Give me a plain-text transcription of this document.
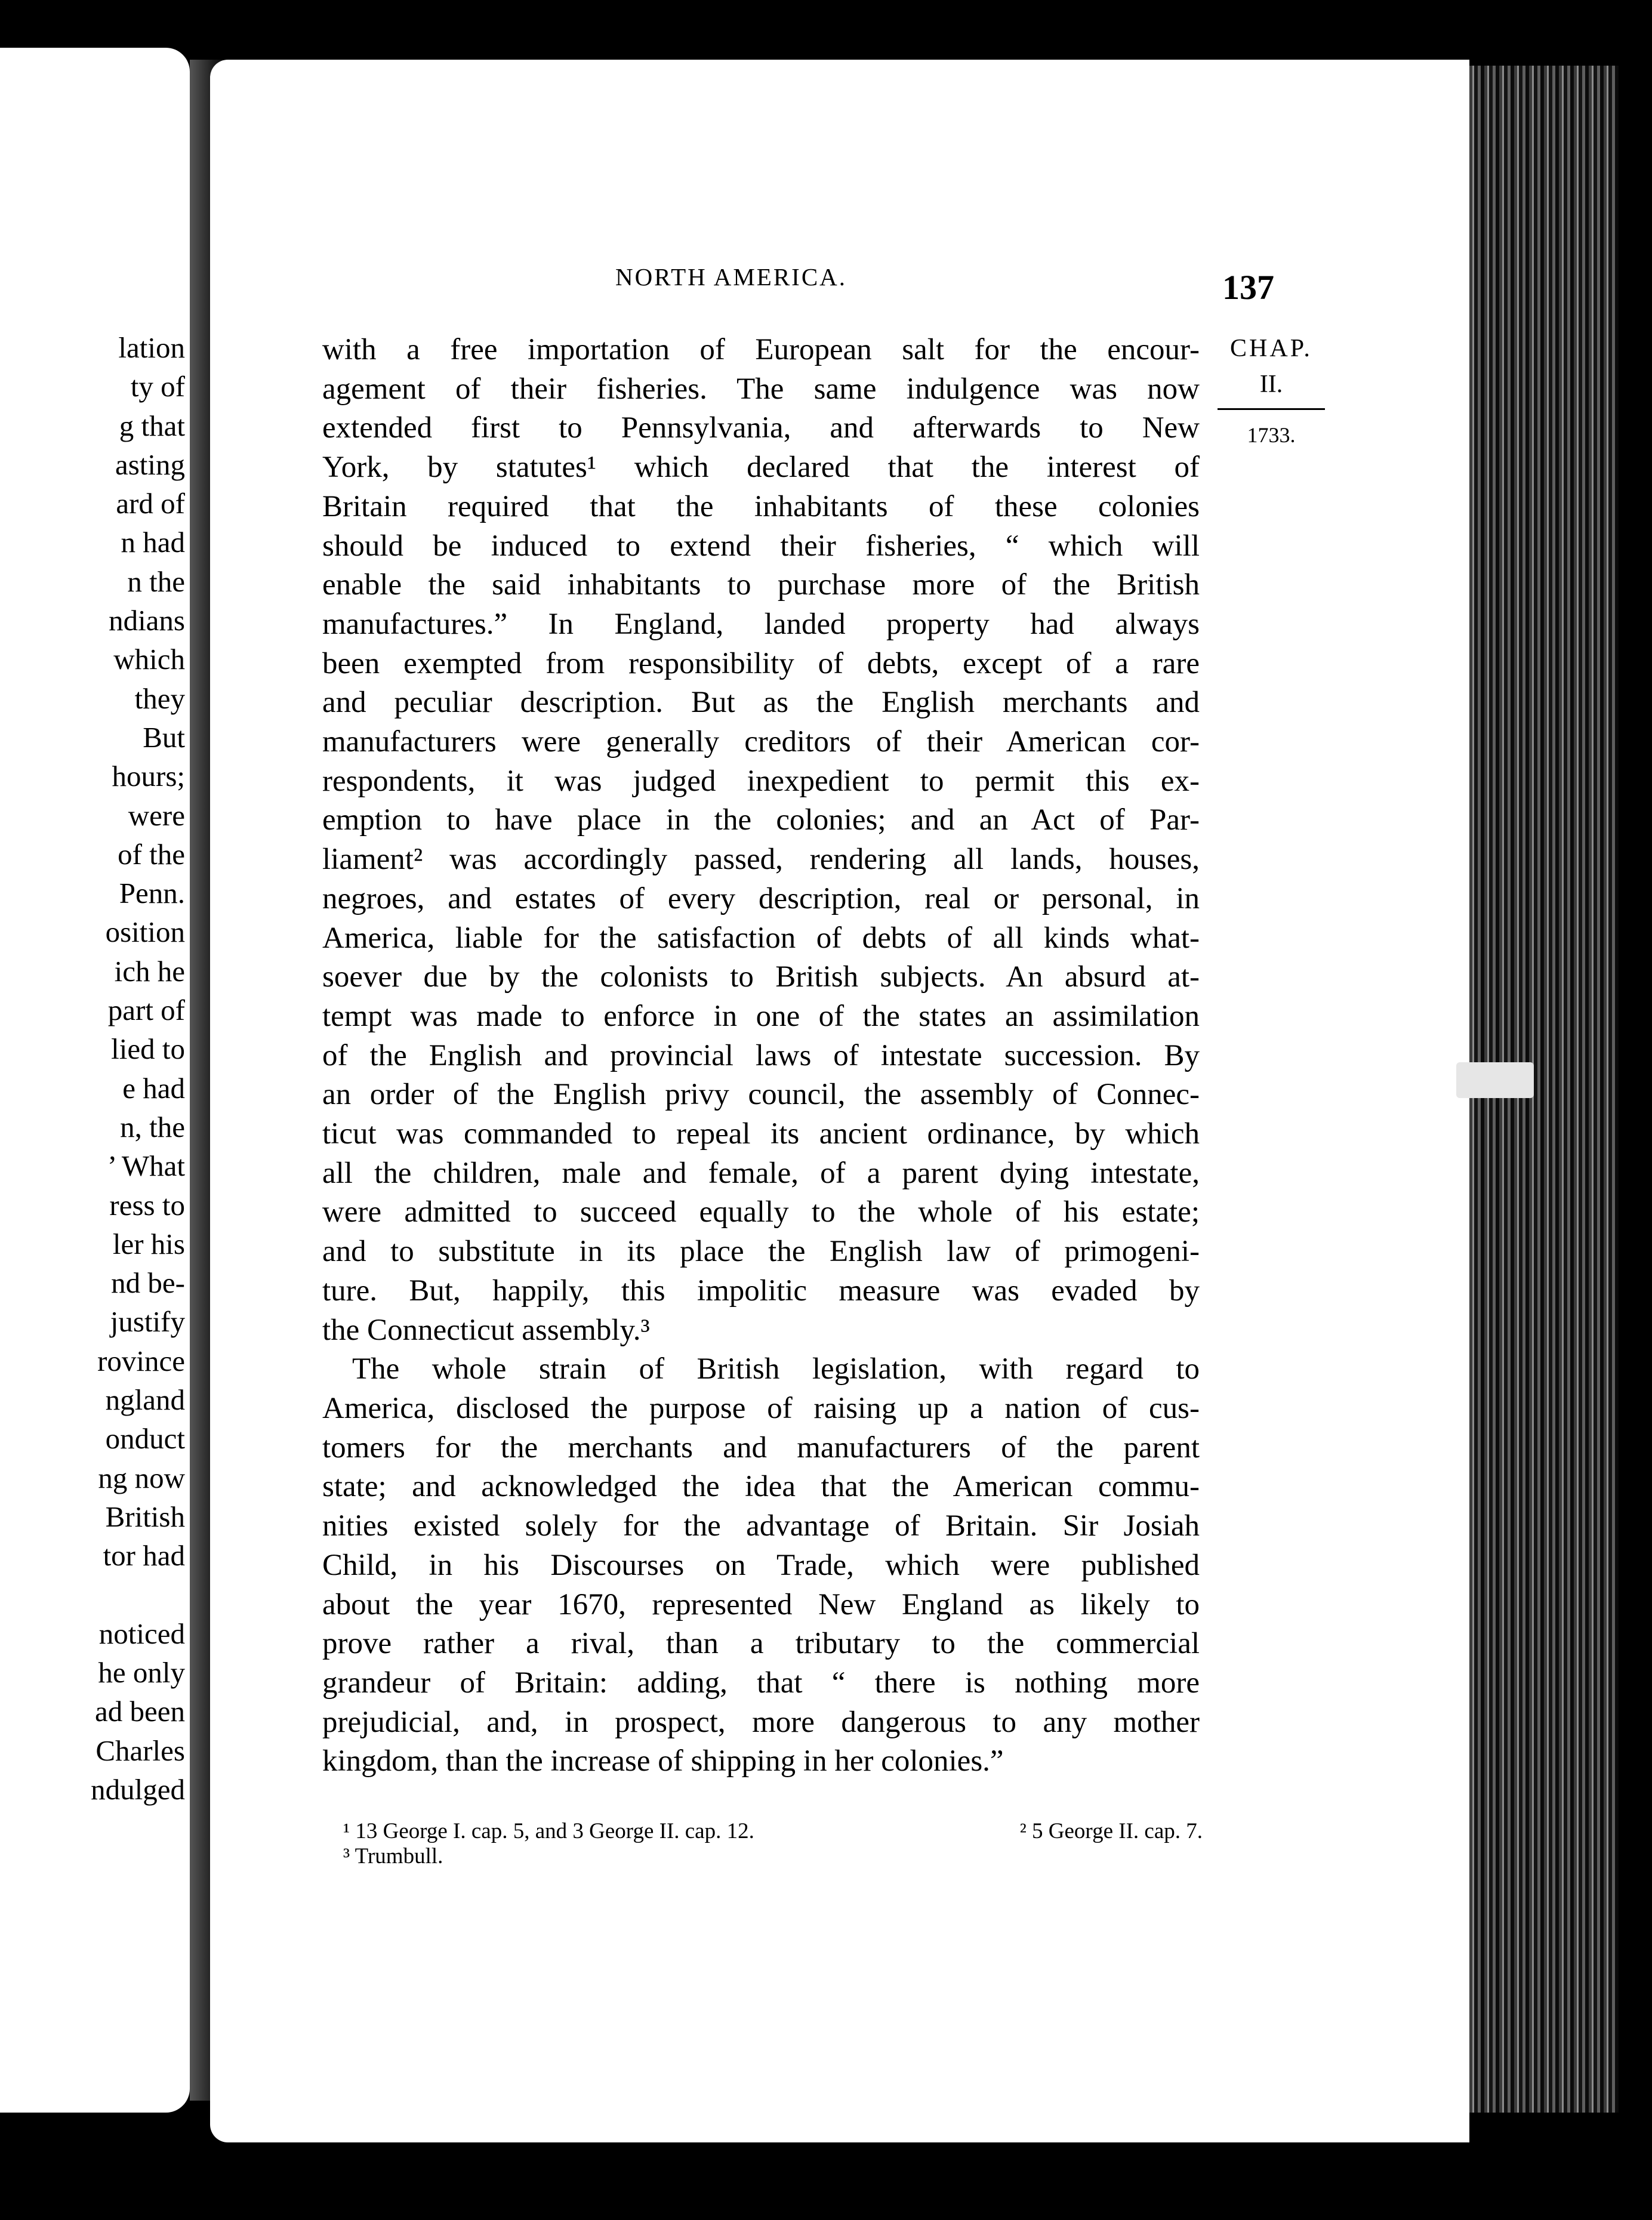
lation
ty of
g that
asting
ard of
n had
n the
ndians
which
they
But
hours;
were
of the
Penn.
osition
ich he
part of
lied to
e had
n, the
’ What
ress to
ler his
nd be-
justify
rovince
ngland
onduct
ng now
British
tor had

noticed
he only
ad been
Charles
ndulged
NORTH AMERICA.	137
CHAP.
II.
1733.
with a free importation of European salt for the encour-
agement of their fisheries. The same indulgence was now
extended first to Pennsylvania, and afterwards to New
York, by statutes¹ which declared that the interest of
Britain required that the inhabitants of these colonies
should be induced to extend their fisheries, “ which will
enable the said inhabitants to purchase more of the British
manufactures.” In England, landed property had always
been exempted from responsibility of debts, except of a rare
and peculiar description. But as the English merchants and
manufacturers were generally creditors of their American cor-
respondents, it was judged inexpedient to permit this ex-
emption to have place in the colonies; and an Act of Par-
liament² was accordingly passed, rendering all lands, houses,
negroes, and estates of every description, real or personal, in
America, liable for the satisfaction of debts of all kinds what-
soever due by the colonists to British subjects. An absurd at-
tempt was made to enforce in one of the states an assimilation
of the English and provincial laws of intestate succession. By
an order of the English privy council, the assembly of Connec-
ticut was commanded to repeal its ancient ordinance, by which
all the children, male and female, of a parent dying intestate,
were admitted to succeed equally to the whole of his estate;
and to substitute in its place the English law of primogeni-
ture. But, happily, this impolitic measure was evaded by
the Connecticut assembly.³
The whole strain of British legislation, with regard to
America, disclosed the purpose of raising up a nation of cus-
tomers for the merchants and manufacturers of the parent
state; and acknowledged the idea that the American commu-
nities existed solely for the advantage of Britain. Sir Josiah
Child, in his Discourses on Trade, which were published
about the year 1670, represented New England as likely to
prove rather a rival, than a tributary to the commercial
grandeur of Britain: adding, that “ there is nothing more
prejudicial, and, in prospect, more dangerous to any mother
kingdom, than the increase of shipping in her colonies.”
¹ 13 George I. cap. 5, and 3 George II. cap. 12.	² 5 George II. cap. 7.
³ Trumbull.
